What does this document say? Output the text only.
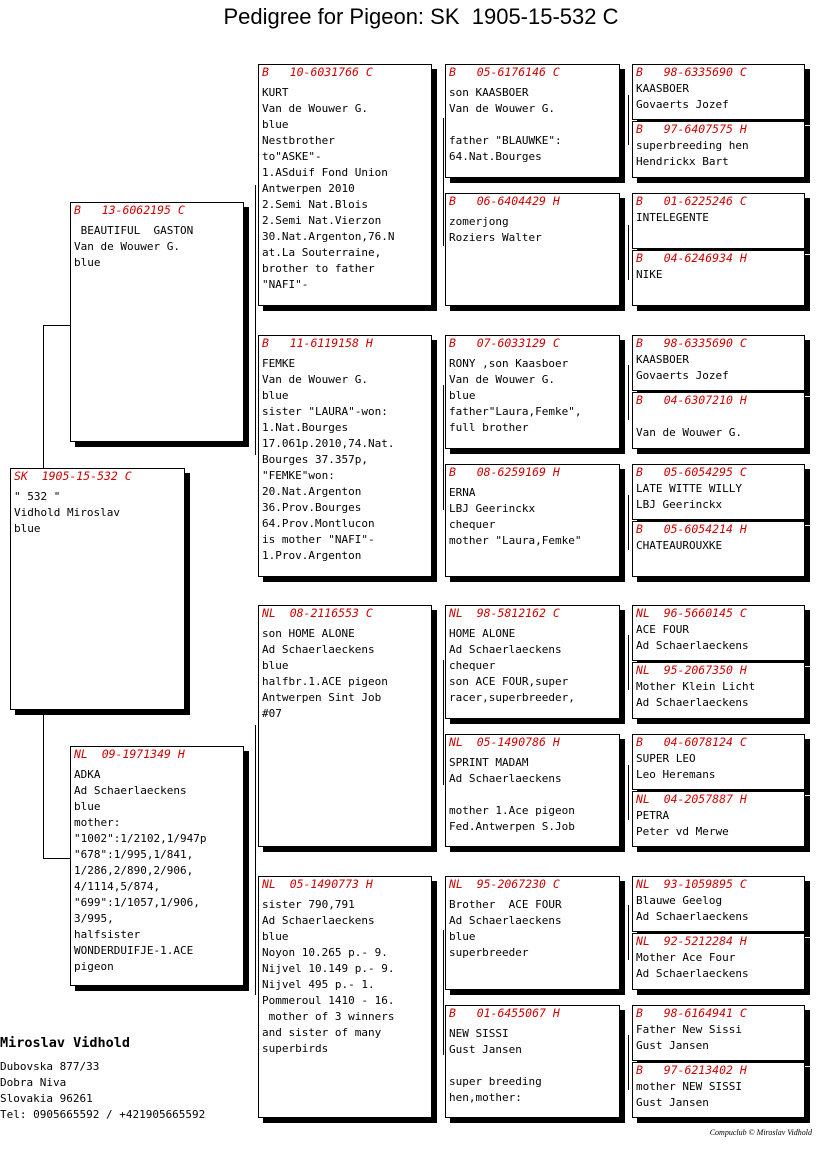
Pedigree for Pigeon: SK  1905-15-532 C
SK  1905-15-532 C
" 532 "
Vidhold Miroslav
blue
B   13-6062195 C
BEAUTIFUL  GASTON
Van de Wouwer G.
blue
NL  09-1971349 H
ADKA
Ad Schaerlaeckens
blue
mother:
"1002":1/2102,1/947p
"678":1/995,1/841,
1/286,2/890,2/906,
4/1114,5/874,
"699":1/1057,1/906,
3/995,
halfsister
WONDERDUIFJE-1.ACE
pigeon
B   10-6031766 C
KURT
Van de Wouwer G.
blue
Nestbrother
to"ASKE"-
1.ASduif Fond Union
Antwerpen 2010
2.Semi Nat.Blois
2.Semi Nat.Vierzon
30.Nat.Argenton,76.N
at.La Souterraine,
brother to father
"NAFI"-
B   11-6119158 H
FEMKE
Van de Wouwer G.
blue
sister "LAURA"-won:
1.Nat.Bourges
17.061p.2010,74.Nat.
Bourges 37.357p,
"FEMKE"won:
20.Nat.Argenton
36.Prov.Bourges
64.Prov.Montlucon
is mother "NAFI"-
1.Prov.Argenton
NL  08-2116553 C
son HOME ALONE
Ad Schaerlaeckens
blue
halfbr.1.ACE pigeon
Antwerpen Sint Job
#07
NL  05-1490773 H
sister 790,791
Ad Schaerlaeckens
blue
Noyon 10.265 p.- 9.
Nijvel 10.149 p.- 9.
Nijvel 495 p.- 1.
Pommeroul 1410 - 16.
mother of 3 winners
and sister of many
superbirds
B   05-6176146 C
son KAASBOER
Van de Wouwer G.

father "BLAUWKE":
64.Nat.Bourges
B   06-6404429 H
zomerjong
Roziers Walter
B   07-6033129 C
RONY ,son Kaasboer
Van de Wouwer G.
blue
father"Laura,Femke",
full brother
B   08-6259169 H
ERNA
LBJ Geerinckx
chequer
mother "Laura,Femke"
NL  98-5812162 C
HOME ALONE
Ad Schaerlaeckens
chequer
son ACE FOUR,super
racer,superbreeder,
NL  05-1490786 H
SPRINT MADAM
Ad Schaerlaeckens

mother 1.Ace pigeon
Fed.Antwerpen S.Job
NL  95-2067230 C
Brother  ACE FOUR
Ad Schaerlaeckens
blue
superbreeder
B   01-6455067 H
NEW SISSI
Gust Jansen

super breeding
hen,mother:
B   98-6335690 C
KAASBOER
Govaerts Jozef
B   97-6407575 H
superbreeding hen
Hendrickx Bart
B   01-6225246 C
INTELEGENTE
B   04-6246934 H
NIKE
B   98-6335690 C
KAASBOER
Govaerts Jozef
B   04-6307210 H

Van de Wouwer G.
B   05-6054295 C
LATE WITTE WILLY
LBJ Geerinckx
B   05-6054214 H
CHATEAUROUXKE
NL  96-5660145 C
ACE FOUR
Ad Schaerlaeckens
NL  95-2067350 H
Mother Klein Licht
Ad Schaerlaeckens
B   04-6078124 C
SUPER LEO
Leo Heremans
NL  04-2057887 H
PETRA
Peter vd Merwe
NL  93-1059895 C
Blauwe Geelog
Ad Schaerlaeckens
NL  92-5212284 H
Mother Ace Four
Ad Schaerlaeckens
B   98-6164941 C
Father New Sissi
Gust Jansen
B   97-6213402 H
mother NEW SISSI
Gust Jansen
Miroslav Vidhold
Dubovska 877/33
Dobra Niva
Slovakia 96261
Tel: 0905665592 / +421905665592
Compuclub © Miroslav Vidhold
